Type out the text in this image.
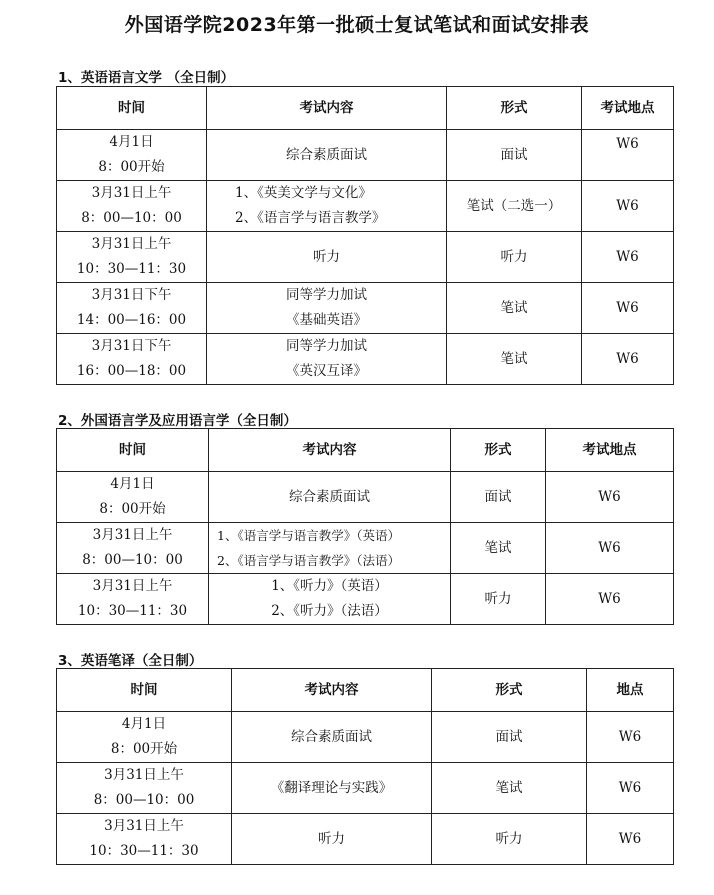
外国语学院2023年第一批硕士复试笔试和面试安排表
1、英语语言文学 （全日制）
时间	考试内容	形式	考试地点

4月1日
8：00开始	综合素质面试	面试	W6

3月31日上午
8：00—10：00	1、《英美文学与文化》
2、《语言学与语言教学》	笔试（二选一）	W6

3月31日上午
10：30—11：30	听力	听力	W6

3月31日下午
14：00—16：00	同等学力加试
《基础英语》	笔试	W6

3月31日下午
16：00—18：00	同等学力加试
《英汉互译》	笔试	W6
2、外国语言学及应用语言学（全日制）
时间	考试内容	形式	考试地点

4月1日
8：00开始	综合素质面试	面试	W6

3月31日上午
8：00—10：00	1、《语言学与语言教学》（英语）
2、《语言学与语言教学》（法语）	笔试	W6

3月31日上午
10：30—11：30	1、《听力》（英语）
2、《听力》（法语）	听力	W6
3、英语笔译（全日制）
时间	考试内容	形式	地点

4月1日
8：00开始	综合素质面试	面试	W6

3月31日上午
8：00—10：00	《翻译理论与实践》	笔试	W6

3月31日上午
10：30—11：30	听力	听力	W6
